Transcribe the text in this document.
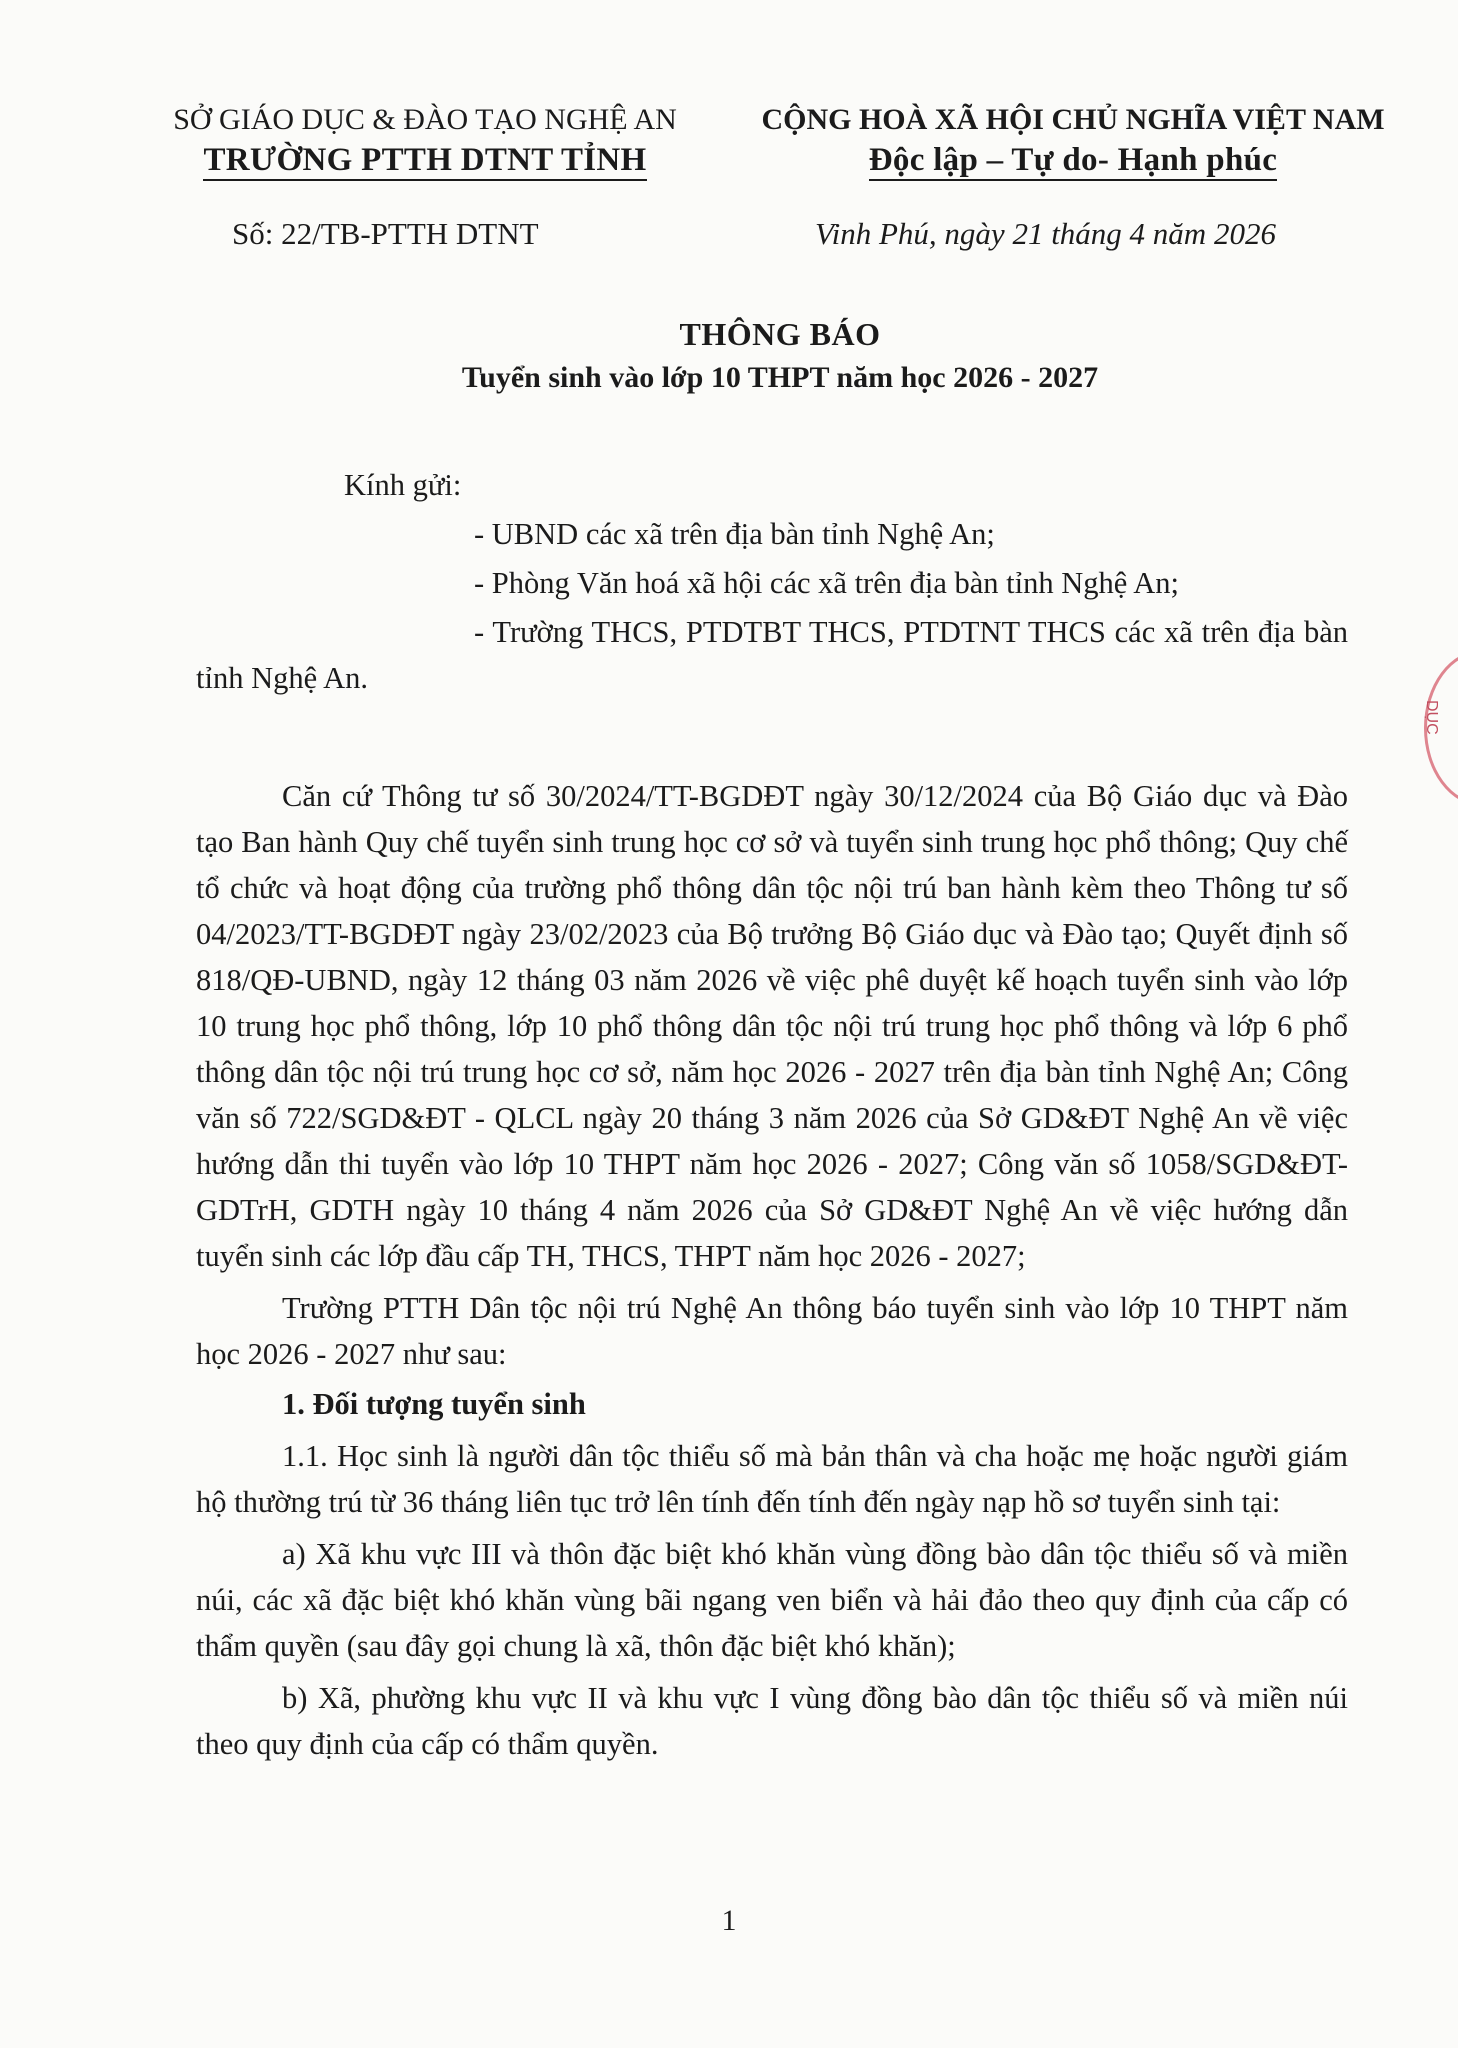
SỞ GIÁO DỤC & ĐÀO TẠO NGHỆ AN
TRƯỜNG PTTH DTNT TỈNH
CỘNG HOÀ XÃ HỘI CHỦ NGHĨA VIỆT NAM
Độc lập – Tự do- Hạnh phúc
Số: 22/TB-PTTH DTNT	Vinh Phú, ngày 21 tháng 4 năm 2026
THÔNG BÁO
Tuyển sinh vào lớp 10 THPT năm học 2026 - 2027

Kính gửi:

- UBND các xã trên địa bàn tỉnh Nghệ An;

- Phòng Văn hoá xã hội các xã trên địa bàn tỉnh Nghệ An;

- Trường THCS, PTDTBT THCS, PTDTNT THCS các xã trên địa bàn tỉnh Nghệ An.

Căn cứ Thông tư số 30/2024/TT-BGDĐT ngày 30/12/2024 của Bộ Giáo dục và Đào tạo Ban hành Quy chế tuyển sinh trung học cơ sở và tuyển sinh trung học phổ thông; Quy chế tổ chức và hoạt động của trường phổ thông dân tộc nội trú ban hành kèm theo Thông tư số 04/2023/TT-BGDĐT ngày 23/02/2023 của Bộ trưởng Bộ Giáo dục và Đào tạo; Quyết định số 818/QĐ-UBND, ngày 12 tháng 03 năm 2026 về việc phê duyệt kế hoạch tuyển sinh vào lớp 10 trung học phổ thông, lớp 10 phổ thông dân tộc nội trú trung học phổ thông và lớp 6 phổ thông dân tộc nội trú trung học cơ sở, năm học 2026 - 2027 trên địa bàn tỉnh Nghệ An; Công văn số 722/SGD&ĐT - QLCL ngày 20 tháng 3 năm 2026 của Sở GD&ĐT Nghệ An về việc hướng dẫn thi tuyển vào lớp 10 THPT năm học 2026 - 2027; Công văn số 1058/SGD&ĐT- GDTrH, GDTH ngày 10 tháng 4 năm 2026 của Sở GD&ĐT Nghệ An về việc hướng dẫn tuyển sinh các lớp đầu cấp TH, THCS, THPT năm học 2026 - 2027;

Trường PTTH Dân tộc nội trú Nghệ An thông báo tuyển sinh vào lớp 10 THPT năm học 2026 - 2027 như sau:

1. Đối tượng tuyển sinh

1.1. Học sinh là người dân tộc thiểu số mà bản thân và cha hoặc mẹ hoặc người giám hộ thường trú từ 36 tháng liên tục trở lên tính đến tính đến ngày nạp hồ sơ tuyển sinh tại:

a) Xã khu vực III và thôn đặc biệt khó khăn vùng đồng bào dân tộc thiểu số và miền núi, các xã đặc biệt khó khăn vùng bãi ngang ven biển và hải đảo theo quy định của cấp có thẩm quyền (sau đây gọi chung là xã, thôn đặc biệt khó khăn);

b) Xã, phường khu vực II và khu vực I vùng đồng bào dân tộc thiểu số và miền núi theo quy định của cấp có thẩm quyền.

1
DỤC
